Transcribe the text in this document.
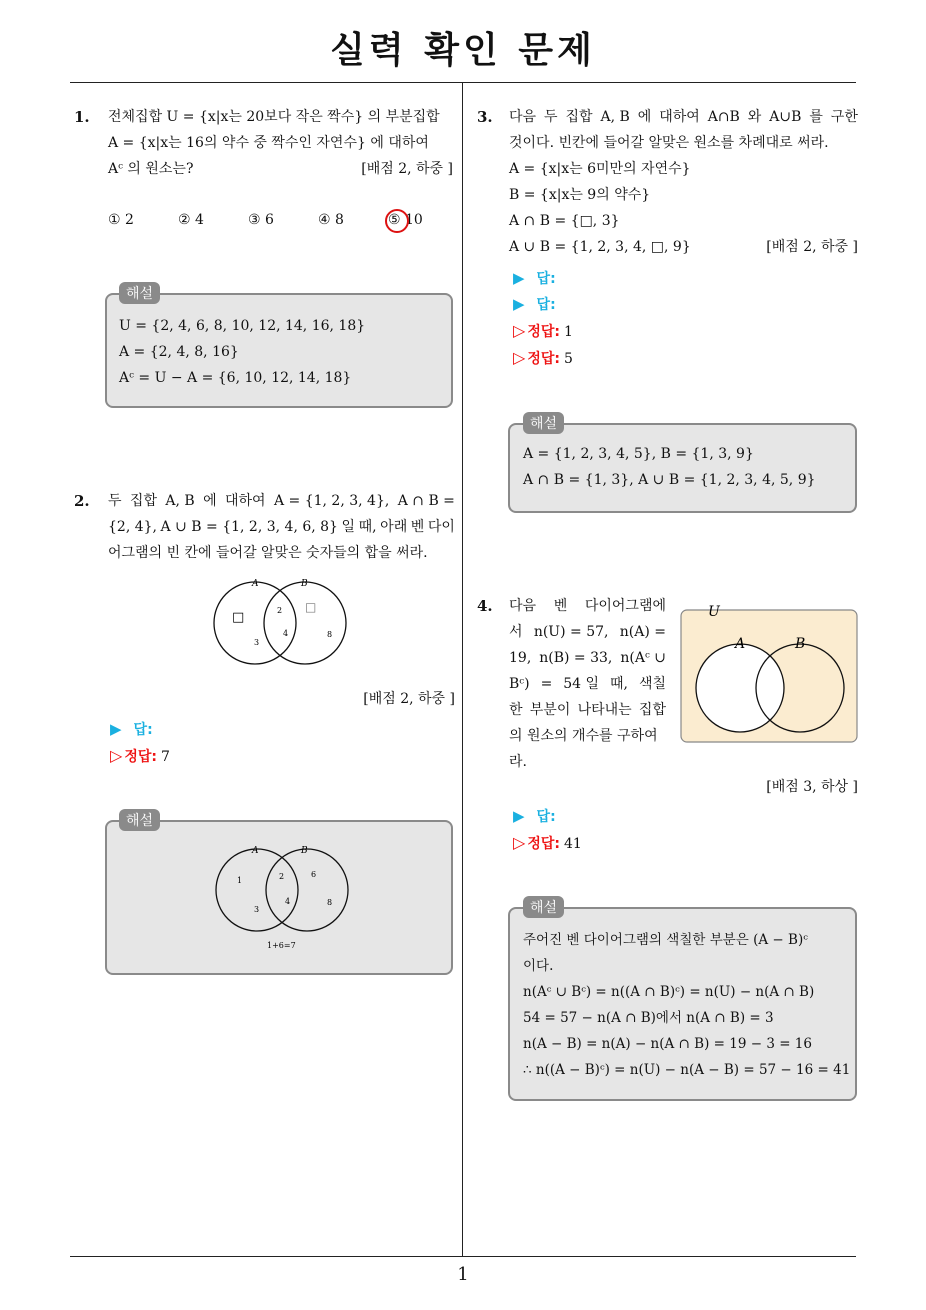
실력 확인 문제
1
1. 전체집합 U = {x|x는 20보다 작은 짝수} 의 부분집합
A = {x|x는 16의 약수 중 짝수인 자연수} 에 대하여
Aᶜ 의 원소는?	[배점 2, 하중 ]
① 2	② 4	③ 6	④ 8	⑤ 10
U = {2, 4, 6, 8, 10, 12, 14, 16, 18}
A = {2, 4, 8, 16}
Aᶜ = U − A = {6, 10, 12, 14, 18}
해설
2. 두 집합 A, B 에 대하여 A = {1, 2, 3, 4}, A ∩ B =
{2, 4}, A ∪ B = {1, 2, 3, 4, 6, 8} 일 때, 아래 벤 다이
어그램의 빈 칸에 들어갈 알맞은 숫자들의 합을 써라.
A	B
□	2 □
3
4	8
[배점 2, 하중 ]
▶ 답:
▷ 정답: 7
A	B
1	2	6
3
4	8
1+6=7
해설
3. 다음 두 집합 A, B 에 대하여 A∩B 와 A∪B 를 구한
것이다. 빈칸에 들어갈 알맞은 원소를 차례대로 써라.
A = {x|x는 6미만의 자연수}
B = {x|x는 9의 약수}
A ∩ B = {□, 3}
A ∪ B = {1, 2, 3, 4, □, 9}	[배점 2, 하중 ]
▶ 답:
▶ 답:
▷ 정답: 1
▷ 정답: 5
A = {1, 2, 3, 4, 5}, B = {1, 3, 9}
A ∩ B = {1, 3}, A ∪ B = {1, 2, 3, 4, 5, 9}
해설
4. 다음 벤 다이어그램에
서 n(U) = 57, n(A) =
19, n(B) = 33, n(Aᶜ ∪
Bᶜ) = 54 일 때, 색칠
한 부분이 나타내는 집합
의 원소의 개수를 구하여
라.
U
A	B
[배점 3, 하상 ]
▶ 답:
▷ 정답: 41
주어진 벤 다이어그램의 색칠한 부분은 (A − B)ᶜ
이다.
n(Aᶜ ∪ Bᶜ) = n((A ∩ B)ᶜ) = n(U) − n(A ∩ B)
54 = 57 − n(A ∩ B)에서 n(A ∩ B) = 3
n(A − B) = n(A) − n(A ∩ B) = 19 − 3 = 16
∴ n((A − B)ᶜ) = n(U) − n(A − B) = 57 − 16 = 41
해설
